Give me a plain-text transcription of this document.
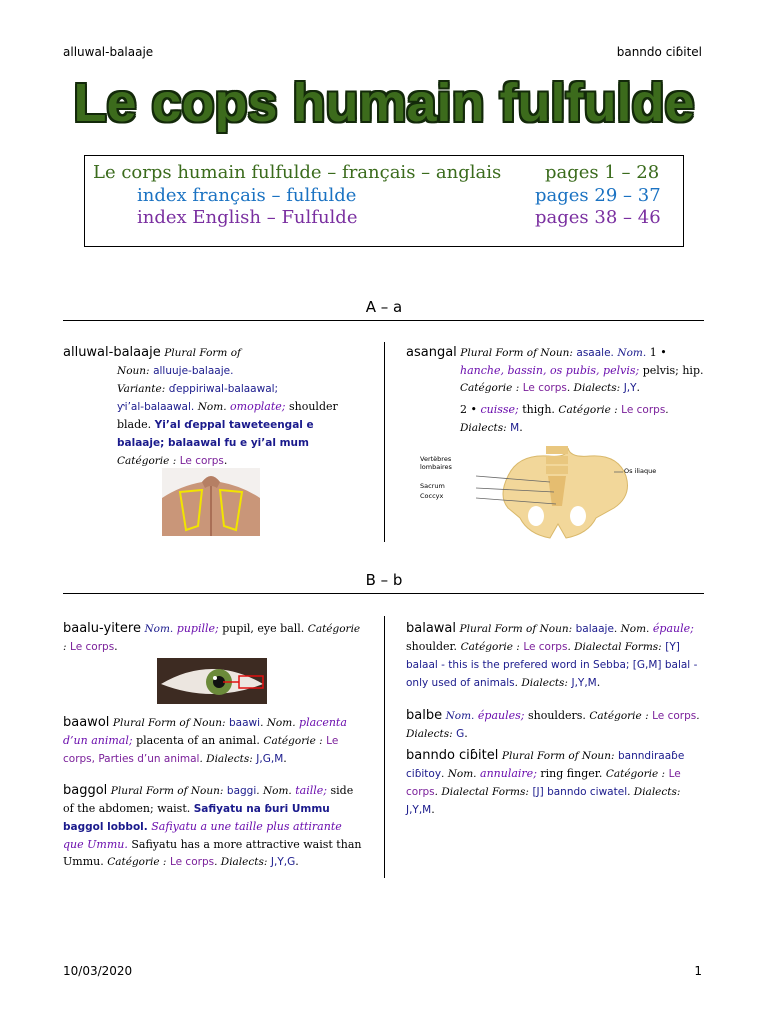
alluwal-balaaje	banndo ciɓitel
Le cops humain fulfulde
Le corps humain fulfulde – français – anglais pages 1 – 28
index français – fulfulde	pages 29 – 37
index English – Fulfulde	pages 38 – 46
A – a
alluwal-balaaje Plural Form of

Noun: alluuje-balaaje.
Variante: ɗeppiriwal-balaawal;
ƴi’al-balaawal. Nom. omoplate; shoulder blade. Yi’al ɗeppal taweteengal e balaaje; balaawal fu e yi’al mum Catégorie : Le corps.
asangal Plural Form of Noun: asaale. Nom. 1 •
hanche, bassin, os pubis, pelvis; pelvis; hip. Catégorie : Le corps. Dialects: J,Y.
2 • cuisse; thigh. Catégorie : Le corps. Dialects: M.
Vertèbres lombaires
Sacrum
Coccyx
Os iliaque
B – b
baalu-yitere Nom. pupille; pupil, eye ball. Catégorie : Le corps.
baawol Plural Form of Noun: baawi. Nom. placenta d’un animal; placenta of an animal. Catégorie : Le corps, Parties d’un animal. Dialects: J,G,M.
baggol Plural Form of Noun: baggi. Nom. taille; side of the abdomen; waist. Safiyatu na ɓuri Ummu baggol lobbol. Safiyatu a une taille plus attirante que Ummu. Safiyatu has a more attractive waist than Ummu. Catégorie : Le corps. Dialects: J,Y,G.
balawal Plural Form of Noun: balaaje. Nom. épaule; shoulder. Catégorie : Le corps. Dialectal Forms: [Y] balaal - this is the prefered word in Sebba; [G,M] balal - only used of animals. Dialects: J,Y,M.
balbe Nom. épaules; shoulders. Catégorie : Le corps. Dialects: G.
banndo ciɓitel Plural Form of Noun: banndiraaɓe ciɓitoy. Nom. annulaire; ring finger. Catégorie : Le corps. Dialectal Forms: [J] banndo ciwatel. Dialects: J,Y,M.
10/03/2020	1
